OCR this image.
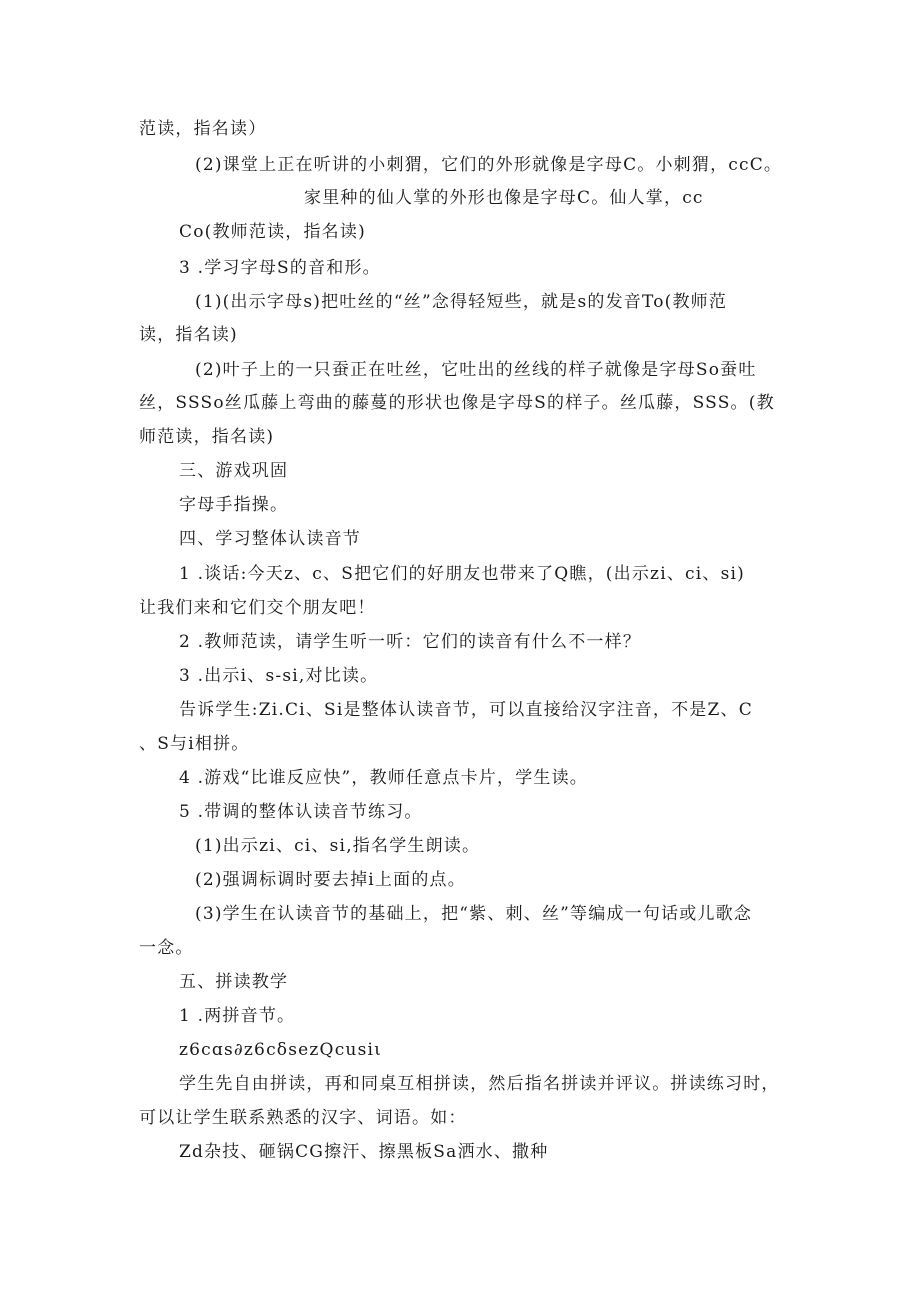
范读，指名读）
(2)课堂上正在听讲的小刺猬，它们的外形就像是字母C。小刺猬，ccC。
家里种的仙人掌的外形也像是字母C。仙人掌，cc
Co(教师范读，指名读)
3 .学习字母S的音和形。
(1)(出示字母s)把吐丝的“丝”念得轻短些，就是s的发音To(教师范
读，指名读)
(2)叶子上的一只蚕正在吐丝，它吐出的丝线的样子就像是字母So蚕吐
丝，SSSo丝瓜藤上弯曲的藤蔓的形状也像是字母S的样子。丝瓜藤，SSS。(教
师范读，指名读)
三、游戏巩固
字母手指操。
四、学习整体认读音节
1 .谈话:今天z、c、S把它们的好朋友也带来了Q瞧，(出示zi、ci、si)
让我们来和它们交个朋友吧！
2 .教师范读，请学生听一听：它们的读音有什么不一样？
3 .出示i、s-si,对比读。
告诉学生:Zi.Ci、Si是整体认读音节，可以直接给汉字注音，不是Z、C
、S与i相拼。
4 .游戏“比谁反应快”，教师任意点卡片，学生读。
5 .带调的整体认读音节练习。
(1)出示zi、ci、si,指名学生朗读。
(2)强调标调时要去掉i上面的点。
(3)学生在认读音节的基础上，把“紫、刺、丝”等编成一句话或儿歌念
一念。
五、拼读教学
1 .两拼音节。
z6cɑs∂z6cδsezQcusiι
学生先自由拼读，再和同桌互相拼读，然后指名拼读并评议。拼读练习时，
可以让学生联系熟悉的汉字、词语。如：
Zd杂技、砸锅CG擦汗、擦黑板Sa洒水、撒种
